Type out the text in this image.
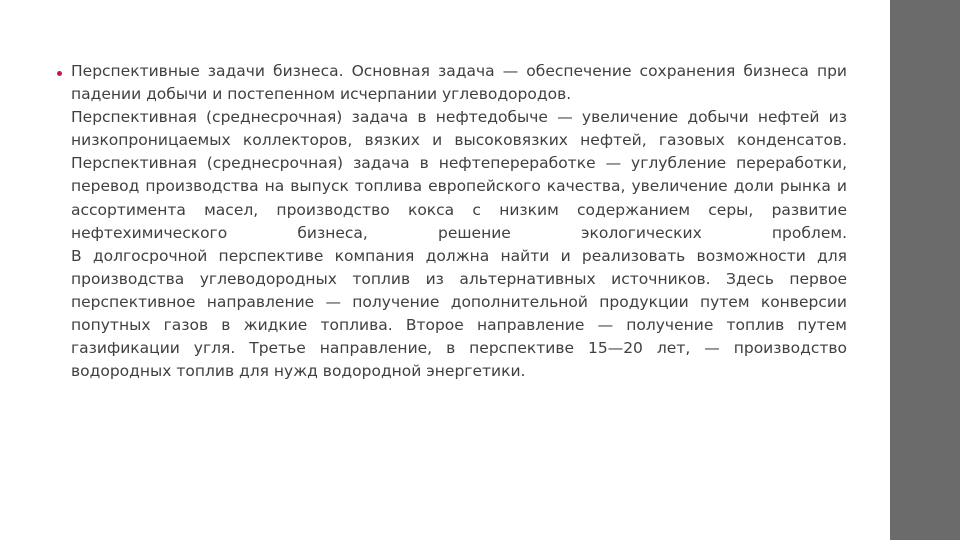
Перспективные задачи бизнеса. Основная задача — обеспечение сохранения бизнеса при падении добычи и постепенном исчерпании углеводородов.

Перспективная (среднесрочная) задача в нефтедобыче — увеличение добычи нефтей из низкопроницаемых коллекторов, вязких и высоковязких нефтей, газовых конденсатов.

Перспективная (среднесрочная) задача в нефтепереработке — углубление переработки, перевод производства на выпуск топлива европейского качества, увеличение доли рынка и ассортимента масел, производство кокса с низким содержанием серы, развитие нефтехимического бизнеса, решение экологических проблем.

В долгосрочной перспективе компания должна найти и реализовать возможности для производства углеводородных топлив из альтернативных источников. Здесь первое перспективное направление — получение дополнительной продукции путем конверсии попутных газов в жидкие топлива. Второе направление — получение топлив путем газификации угля. Третье направление, в перспективе 15—20 лет, — производство водородных топлив для нужд водородной энергетики.
